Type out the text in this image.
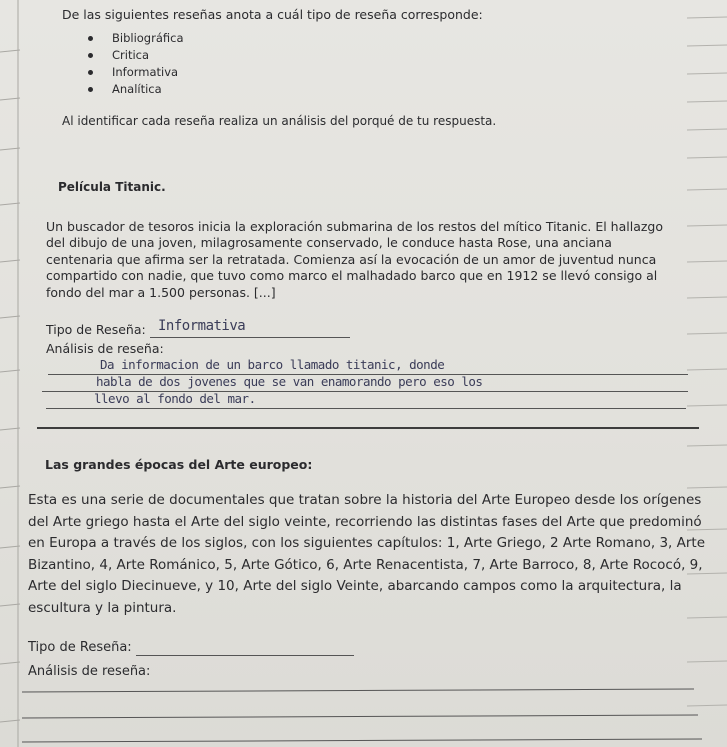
De las siguientes reseñas anota a cuál tipo de reseña corresponde:
Bibliográfica
Critica
Informativa
Analítica
Al identificar cada reseña realiza un análisis del porqué de tu respuesta.
Película Titanic.
Un buscador de tesoros inicia la exploración submarina de los restos del mítico Titanic. El hallazgo
del dibujo de una joven, milagrosamente conservado, le conduce hasta Rose, una anciana
centenaria que afirma ser la retratada. Comienza así la evocación de un amor de juventud nunca
compartido con nadie, que tuvo como marco el malhadado barco que en 1912 se llevó consigo al
fondo del mar a 1.500 personas. [...]
Tipo de Reseña: Informativa
Análisis de reseña:
Da informacion de un barco llamado titanic, donde
habla de dos jovenes que se van enamorando pero eso los
llevo al fondo del mar.
Las grandes épocas del Arte europeo:
Esta es una serie de documentales que tratan sobre la historia del Arte Europeo desde los orígenes
del Arte griego hasta el Arte del siglo veinte, recorriendo las distintas fases del Arte que predominó
en Europa a través de los siglos, con los siguientes capítulos: 1, Arte Griego, 2 Arte Romano, 3, Arte
Bizantino, 4, Arte Románico, 5, Arte Gótico, 6, Arte Renacentista, 7, Arte Barroco, 8, Arte Rococó, 9,
Arte del siglo Diecinueve, y 10, Arte del siglo Veinte, abarcando campos como la arquitectura, la
escultura y la pintura.
Tipo de Reseña:
Análisis de reseña:
